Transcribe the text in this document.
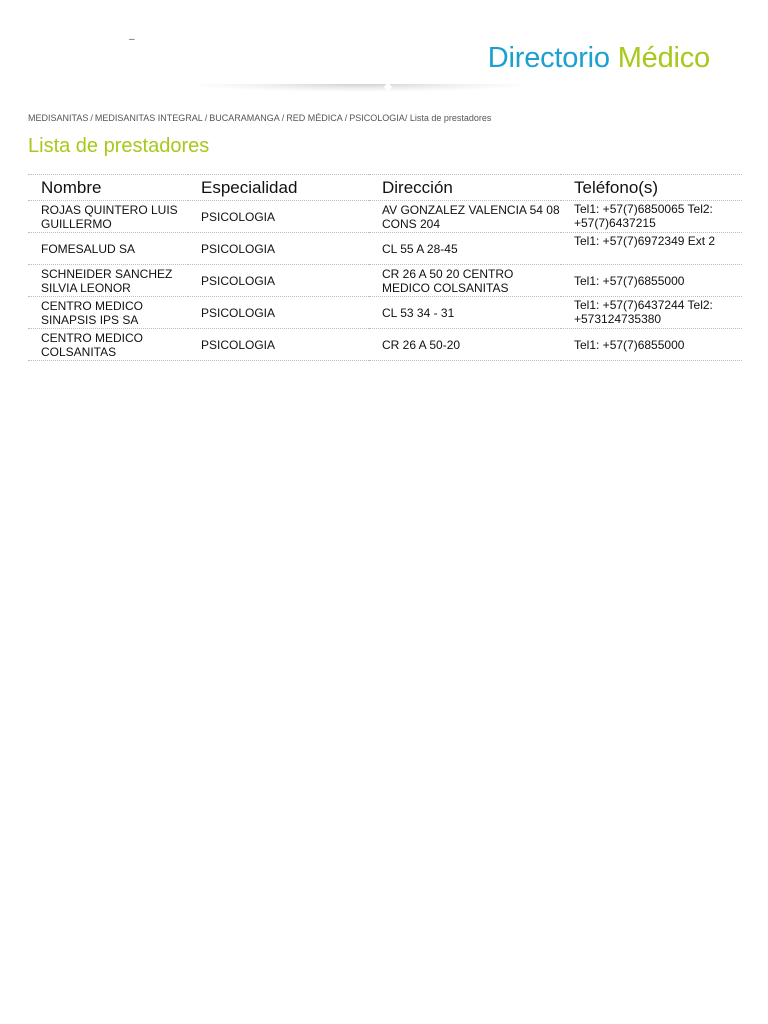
–
Directorio Médico
MEDISANITAS / MEDISANITAS INTEGRAL / BUCARAMANGA / RED MÉDICA / PSICOLOGIA/ Lista de prestadores
Lista de prestadores
Nombre	Especialidad	Dirección	Teléfono(s)
ROJAS QUINTERO LUIS GUILLERMO	PSICOLOGIA	AV GONZALEZ VALENCIA 54 08 CONS 204	Tel1: +57(7)6850065 Tel2: +57(7)6437215
FOMESALUD SA	PSICOLOGIA	CL 55 A 28-45	Tel1: +57(7)6972349 Ext 2
SCHNEIDER SANCHEZ SILVIA LEONOR	PSICOLOGIA	CR 26 A 50 20 CENTRO MEDICO COLSANITAS	Tel1: +57(7)6855000
CENTRO MEDICO SINAPSIS IPS SA	PSICOLOGIA	CL 53 34 - 31	Tel1: +57(7)6437244 Tel2: +573124735380
CENTRO MEDICO COLSANITAS	PSICOLOGIA	CR 26 A 50-20	Tel1: +57(7)6855000
